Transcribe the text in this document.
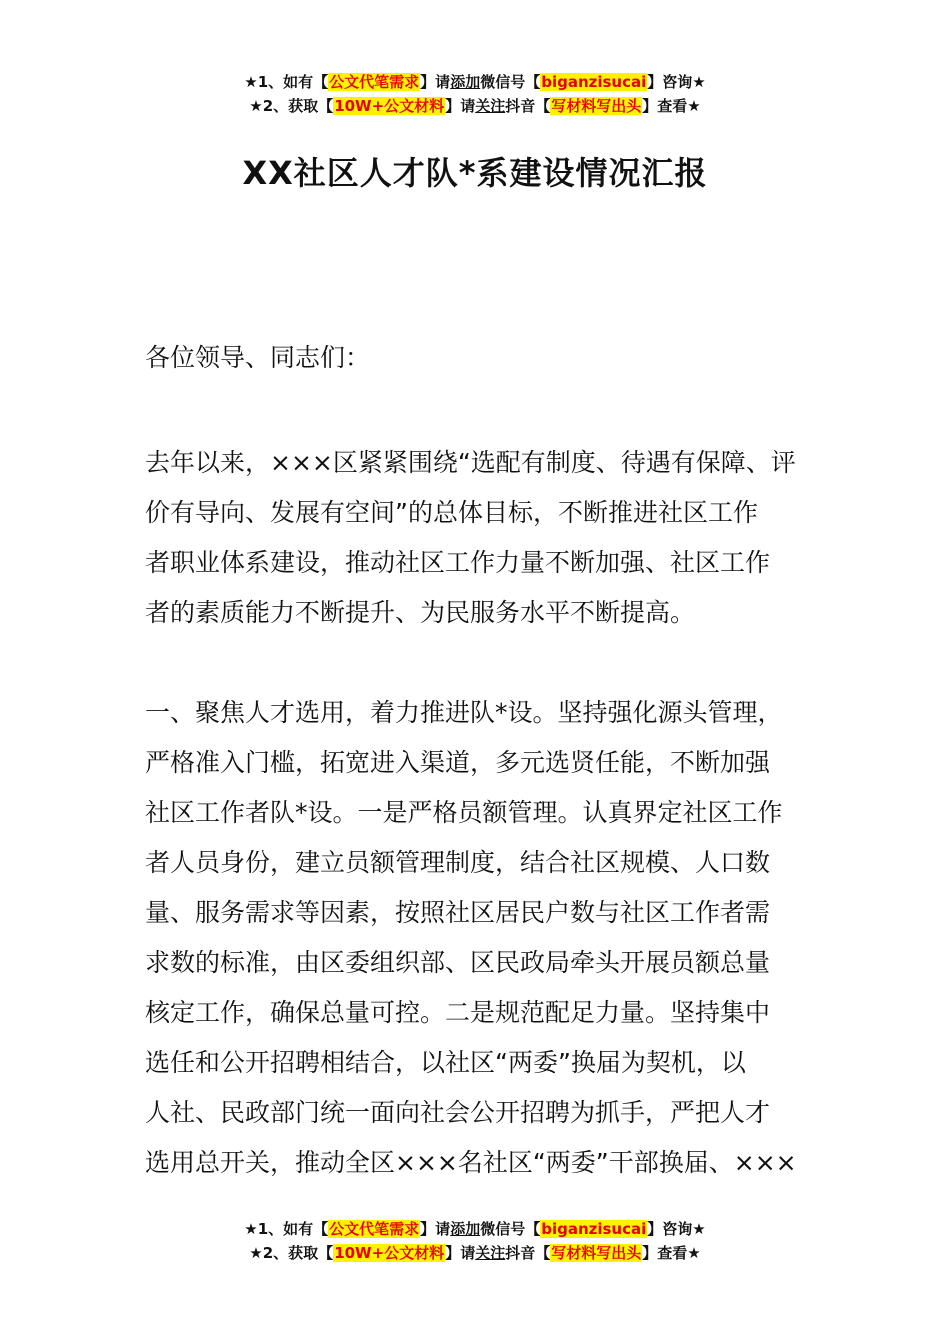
★1、如有【公文代笔需求】请添加微信号【biganzisucai】咨询★
★2、获取【10W+公文材料】请关注抖音【写材料写出头】查看★
XX社区人才队*系建设情况汇报
各位领导、同志们：
去年以来，×××区紧紧围绕“选配有制度、待遇有保障、评
价有导向、发展有空间”的总体目标，不断推进社区工作
者职业体系建设，推动社区工作力量不断加强、社区工作
者的素质能力不断提升、为民服务水平不断提高。
一、聚焦人才选用，着力推进队*设。坚持强化源头管理，
严格准入门槛，拓宽进入渠道，多元选贤任能，不断加强
社区工作者队*设。一是严格员额管理。认真界定社区工作
者人员身份，建立员额管理制度，结合社区规模、人口数
量、服务需求等因素，按照社区居民户数与社区工作者需
求数的标准，由区委组织部、区民政局牵头开展员额总量
核定工作，确保总量可控。二是规范配足力量。坚持集中
选任和公开招聘相结合，以社区“两委”换届为契机，以
人社、民政部门统一面向社会公开招聘为抓手，严把人才
选用总开关，推动全区×××名社区“两委”干部换届、×××
★1、如有【公文代笔需求】请添加微信号【biganzisucai】咨询★
★2、获取【10W+公文材料】请关注抖音【写材料写出头】查看★
